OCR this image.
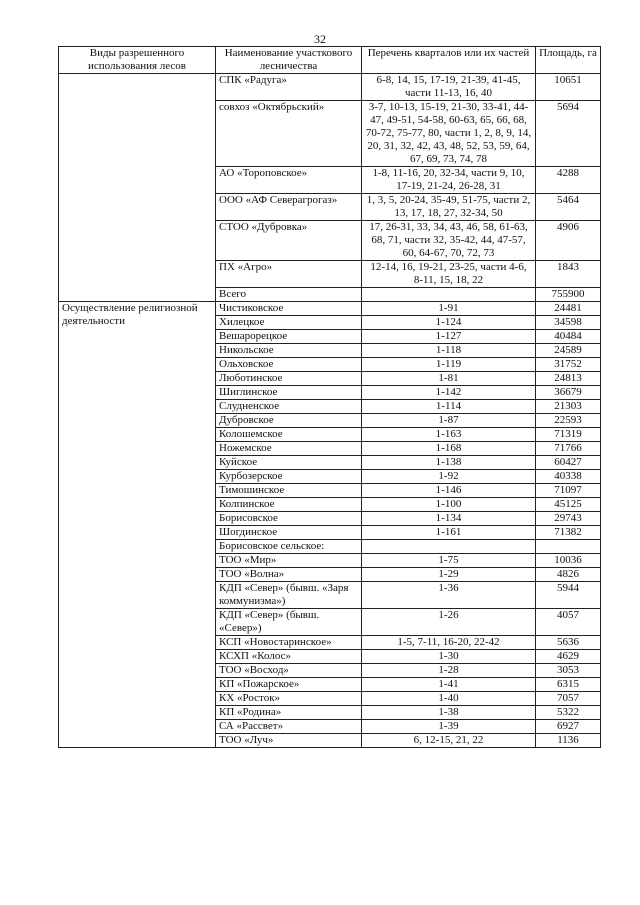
32
Виды разрешенного использования лесов	Наименование участкового лесничества	Перечень кварталов или их частей	Площадь, га
	СПК «Радуга»	6-8, 14, 15, 17-19, 21-39, 41-45, части 11-13, 16, 40	10651
	совхоз «Октябрьский»	3-7, 10-13, 15-19, 21-30, 33-41, 44-47, 49-51, 54-58, 60-63, 65, 66, 68, 70-72, 75-77, 80, части 1, 2, 8, 9, 14, 20, 31, 32, 42, 43, 48, 52, 53, 59, 64, 67, 69, 73, 74, 78	5694
	АО «Тороповское»	1-8, 11-16, 20, 32-34, части 9, 10, 17-19, 21-24, 26-28, 31	4288
	ООО «АФ Северагрогаз»	1, 3, 5, 20-24, 35-49, 51-75, части 2, 13, 17, 18, 27, 32-34, 50	5464
	СТОО «Дубровка»	17, 26-31, 33, 34, 43, 46, 58, 61-63, 68, 71, части 32, 35-42, 44, 47-57, 60, 64-67, 70, 72, 73	4906
	ПХ «Агро»	12-14, 16, 19-21, 23-25, части 4-6, 8-11, 15, 18, 22	1843
	Всего		755900
Осуществление религиозной деятельности	Чистиковское	1-91	24481
	Хилецкое	1-124	34598
	Вешарорецкое	1-127	40484
	Никольское	1-118	24589
	Ольховское	1-119	31752
	Люботинское	1-81	24813
	Шиглинское	1-142	36679
	Слудненское	1-114	21303
	Дубровское	1-87	22593
	Колошемское	1-163	71319
	Ножемское	1-168	71766
	Куйское	1-138	60427
	Курбозерское	1-92	40338
	Тимошинское	1-146	71097
	Колпинское	1-100	45125
	Борисовское	1-134	29743
	Шогдинское	1-161	71382
	Борисовское сельское:		
	ТОО «Мир»	1-75	10036
	ТОО «Волна»	1-29	4826
	КДП «Север» (бывш. «Заря коммунизма»)	1-36	5944
	КДП «Север» (бывш. «Север»)	1-26	4057
	КСП «Новостаринское»	1-5, 7-11, 16-20, 22-42	5636
	КСХП «Колос»	1-30	4629
	ТОО «Восход»	1-28	3053
	КП «Пожарское»	1-41	6315
	КХ «Росток»	1-40	7057
	КП «Родина»	1-38	5322
	СА «Рассвет»	1-39	6927
	ТОО «Луч»	6, 12-15, 21, 22	1136
